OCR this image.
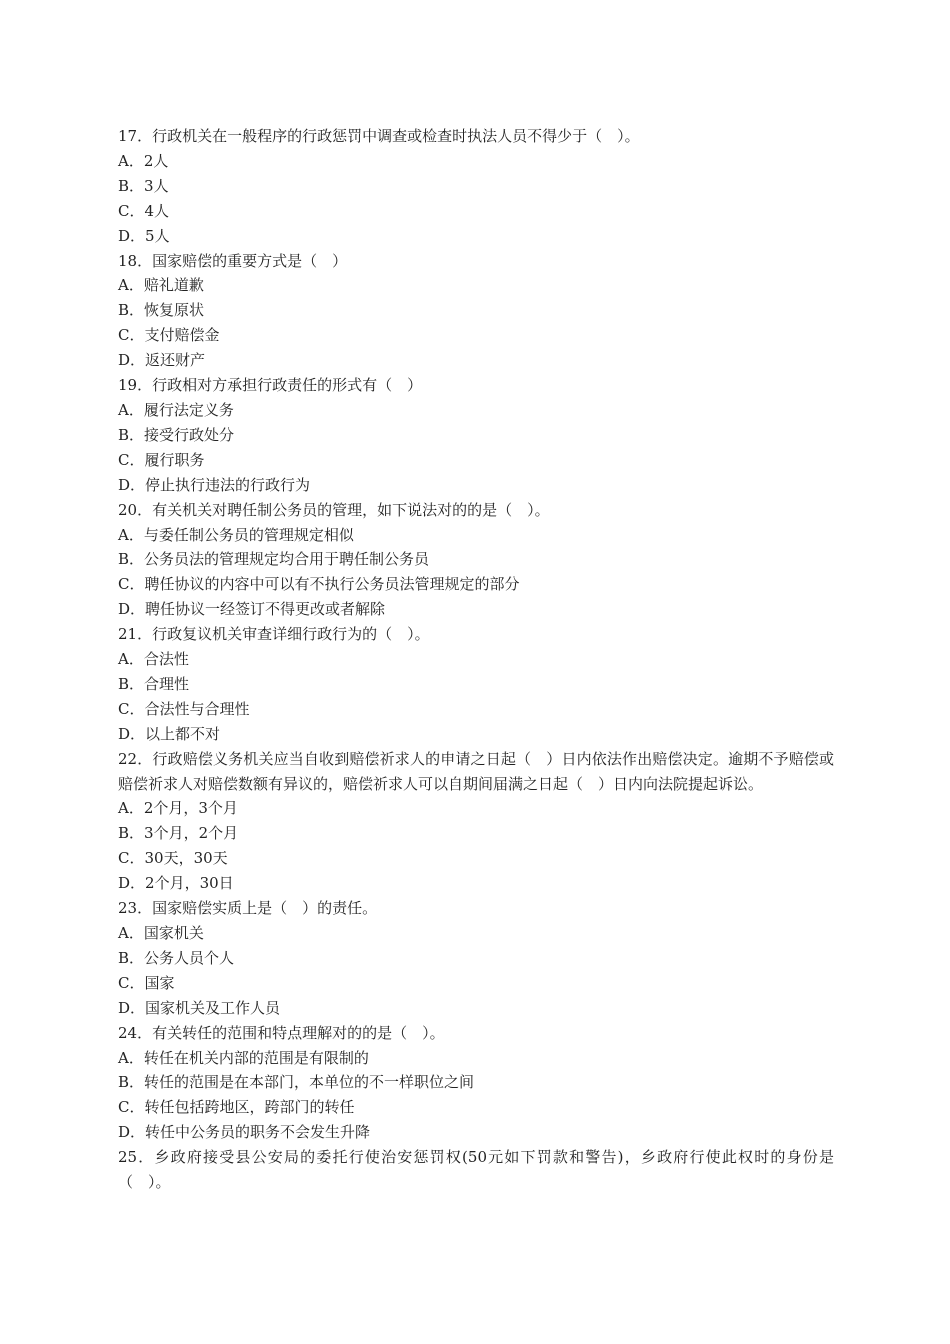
17．行政机关在一般程序的行政惩罚中调查或检查时执法人员不得少于（　）。

A．2人
B．3人
C．4人
D．5人

18．国家赔偿的重要方式是（　）

A．赔礼道歉
B．恢复原状
C．支付赔偿金
D．返还财产

19．行政相对方承担行政责任的形式有（　）

A．履行法定义务
B．接受行政处分
C．履行职务
D．停止执行违法的行政行为

20．有关机关对聘任制公务员的管理，如下说法对的的是（　）。

A．与委任制公务员的管理规定相似
B．公务员法的管理规定均合用于聘任制公务员
C．聘任协议的内容中可以有不执行公务员法管理规定的部分
D．聘任协议一经签订不得更改或者解除

21．行政复议机关审查详细行政行为的（　）。

A．合法性
B．合理性
C．合法性与合理性
D．以上都不对

22．行政赔偿义务机关应当自收到赔偿祈求人的申请之日起（　）日内依法作出赔偿决定。逾期不予赔偿或赔偿祈求人对赔偿数额有异议的，赔偿祈求人可以自期间届满之日起（　）日内向法院提起诉讼。

A．2个月，3个月
B．3个月，2个月
C．30天，30天
D．2个月，30日

23．国家赔偿实质上是（　）的责任。

A．国家机关
B．公务人员个人
C．国家
D．国家机关及工作人员

24．有关转任的范围和特点理解对的的是（　）。

A．转任在机关内部的范围是有限制的
B．转任的范围是在本部门，本单位的不一样职位之间
C．转任包括跨地区，跨部门的转任
D．转任中公务员的职务不会发生升降

25．乡政府接受县公安局的委托行使治安惩罚权(50元如下罚款和警告)，乡政府行使此权时的身份是（　）。
